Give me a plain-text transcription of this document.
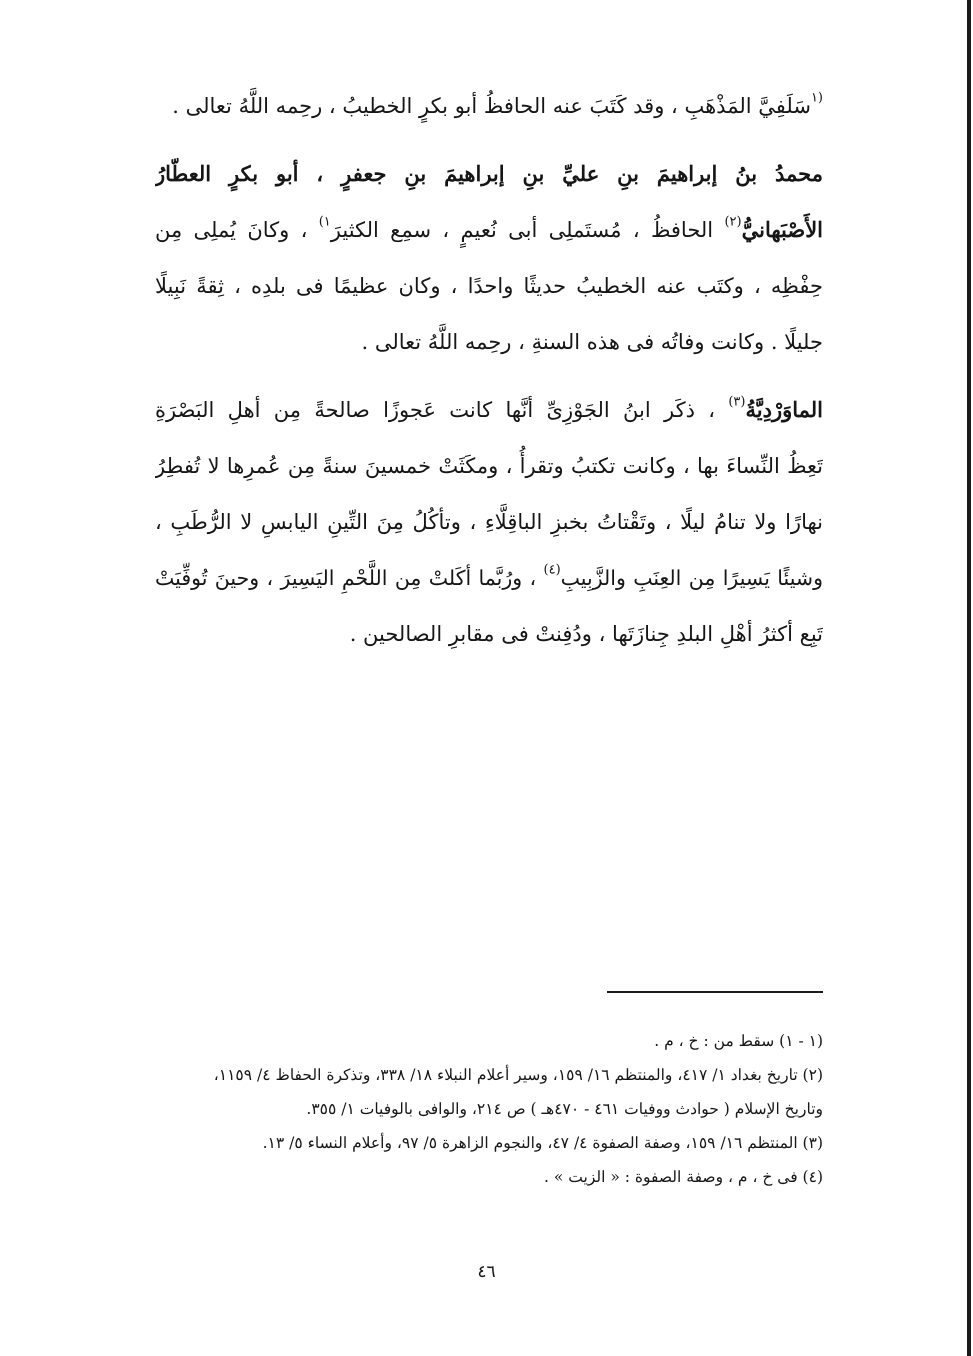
$^{(١}$سَلَفِيَّ المَذْهَبِ ، وقد كَتَبَ عنه الحافظُ أبو بكرٍ الخطيبُ ، رحِمه اللَّهُ تعالى .
محمدُ بنُ إبراهيمَ بنِ عليِّ بنِ إبراهيمَ بنِ جعفرٍ ، أبو بكرٍ العطّارُ
الأَصْبَهانيُّ$^{(٢)}$ الحافظُ ، مُستَملِى أبى نُعيمٍ ، سمِع الكثيرَ$^{١)}$ ، وكانَ يُملِى مِن
حِفْظِه ، وكتَب عنه الخطيبُ حديثًا واحدًا ، وكان عظيمًا فى بلدِه ، ثِقةً نَبِيلًا
جليلًا . وكانت وفاتُه فى هذه السنةِ ، رحِمه اللَّهُ تعالى .
الماوَرْدِيَّةُ$^{(٣)}$ ، ذكَر ابنُ الجَوْزِىِّ أنَّها كانت عَجوزًا صالحةً مِن أهلِ البَصْرَةِ
تَعِظُ النِّساءَ بها ، وكانت تكتبُ وتقرأُ ، ومكَثَتْ خمسينَ سنةً مِن عُمرِها لا تُفطِرُ
نهارًا ولا تنامُ ليلًا ، وتَقْتاتُ بخبزِ الباقِلَّاءِ ، وتأكُلُ مِنَ التِّينِ اليابسِ لا الرُّطَبِ ،
وشيئًا يَسِيرًا مِن العِنَبِ والزَّبِيبِ$^{(٤)}$ ، ورُبَّما أكَلتْ مِن اللَّحْمِ اليَسِيرَ ، وحينَ تُوفِّيَتْ
تَبِع أكثرُ أهْلِ البلدِ جِنازَتَها ، ودُفِنتْ فى مقابرِ الصالحين .
(١ - ١) سقط من : خ ، م .
(٢) تاريخ بغداد ١/ ٤١٧، والمنتظم ١٦/ ١٥٩، وسير أعلام النبلاء ١٨/ ٣٣٨، وتذكرة الحفاظ ٤/ ١١٥٩،
وتاريخ الإسلام ( حوادث ووفيات ٤٦١ - ٤٧٠هـ ) ص ٢١٤، والوافى بالوفيات ١/ ٣٥٥.
(٣) المنتظم ١٦/ ١٥٩، وصفة الصفوة ٤/ ٤٧، والنجوم الزاهرة ٥/ ٩٧، وأعلام النساء ٥/ ١٣.
(٤) فى خ ، م ، وصفة الصفوة : « الزيت » .
٤٦
